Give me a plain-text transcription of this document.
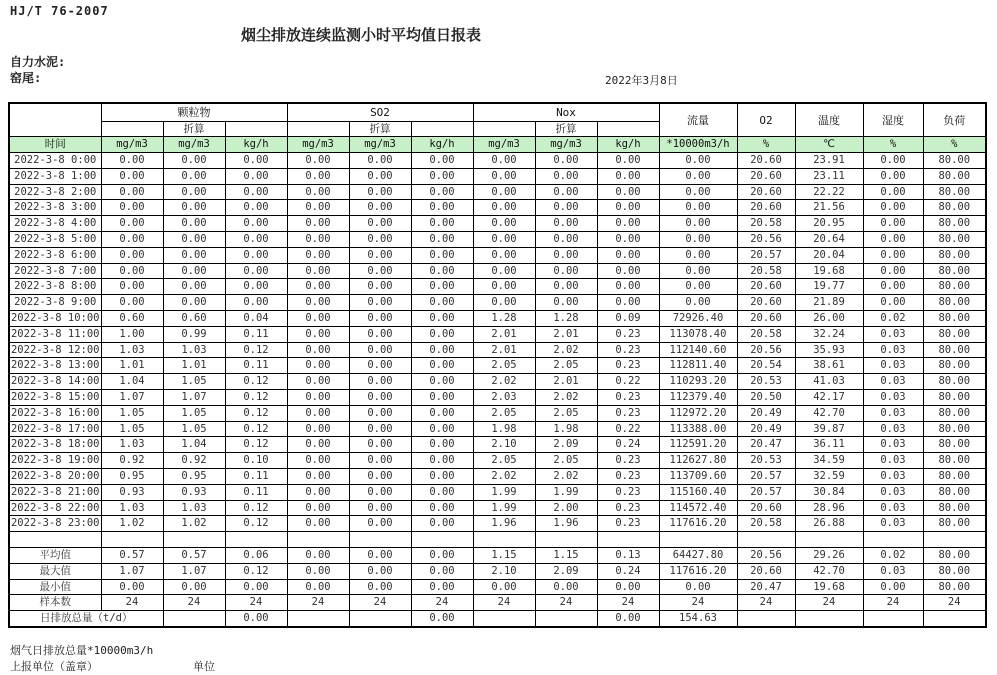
HJ/T 76-2007
烟尘排放连续监测小时平均值日报表
自力水泥:
窑尾:	2022年3月8日
	颗粒物			SO2			Nox			流量	O2	温度	湿度	负荷
		折算			折算			折算						
时间	mg/m3	mg/m3	kg/h	mg/m3	mg/m3	kg/h	mg/m3	mg/m3	kg/h	*10000m3/h	%	℃	%	%
2022-3-8 0:00	0.00	0.00	0.00	0.00	0.00	0.00	0.00	0.00	0.00	0.00	20.60	23.91	0.00	80.00
2022-3-8 1:00	0.00	0.00	0.00	0.00	0.00	0.00	0.00	0.00	0.00	0.00	20.60	23.11	0.00	80.00
2022-3-8 2:00	0.00	0.00	0.00	0.00	0.00	0.00	0.00	0.00	0.00	0.00	20.60	22.22	0.00	80.00
2022-3-8 3:00	0.00	0.00	0.00	0.00	0.00	0.00	0.00	0.00	0.00	0.00	20.60	21.56	0.00	80.00
2022-3-8 4:00	0.00	0.00	0.00	0.00	0.00	0.00	0.00	0.00	0.00	0.00	20.58	20.95	0.00	80.00
2022-3-8 5:00	0.00	0.00	0.00	0.00	0.00	0.00	0.00	0.00	0.00	0.00	20.56	20.64	0.00	80.00
2022-3-8 6:00	0.00	0.00	0.00	0.00	0.00	0.00	0.00	0.00	0.00	0.00	20.57	20.04	0.00	80.00
2022-3-8 7:00	0.00	0.00	0.00	0.00	0.00	0.00	0.00	0.00	0.00	0.00	20.58	19.68	0.00	80.00
2022-3-8 8:00	0.00	0.00	0.00	0.00	0.00	0.00	0.00	0.00	0.00	0.00	20.60	19.77	0.00	80.00
2022-3-8 9:00	0.00	0.00	0.00	0.00	0.00	0.00	0.00	0.00	0.00	0.00	20.60	21.89	0.00	80.00
2022-3-8 10:00	0.60	0.60	0.04	0.00	0.00	0.00	1.28	1.28	0.09	72926.40	20.60	26.00	0.02	80.00
2022-3-8 11:00	1.00	0.99	0.11	0.00	0.00	0.00	2.01	2.01	0.23	113078.40	20.58	32.24	0.03	80.00
2022-3-8 12:00	1.03	1.03	0.12	0.00	0.00	0.00	2.01	2.02	0.23	112140.60	20.56	35.93	0.03	80.00
2022-3-8 13:00	1.01	1.01	0.11	0.00	0.00	0.00	2.05	2.05	0.23	112811.40	20.54	38.61	0.03	80.00
2022-3-8 14:00	1.04	1.05	0.12	0.00	0.00	0.00	2.02	2.01	0.22	110293.20	20.53	41.03	0.03	80.00
2022-3-8 15:00	1.07	1.07	0.12	0.00	0.00	0.00	2.03	2.02	0.23	112379.40	20.50	42.17	0.03	80.00
2022-3-8 16:00	1.05	1.05	0.12	0.00	0.00	0.00	2.05	2.05	0.23	112972.20	20.49	42.70	0.03	80.00
2022-3-8 17:00	1.05	1.05	0.12	0.00	0.00	0.00	1.98	1.98	0.22	113388.00	20.49	39.87	0.03	80.00
2022-3-8 18:00	1.03	1.04	0.12	0.00	0.00	0.00	2.10	2.09	0.24	112591.20	20.47	36.11	0.03	80.00
2022-3-8 19:00	0.92	0.92	0.10	0.00	0.00	0.00	2.05	2.05	0.23	112627.80	20.53	34.59	0.03	80.00
2022-3-8 20:00	0.95	0.95	0.11	0.00	0.00	0.00	2.02	2.02	0.23	113709.60	20.57	32.59	0.03	80.00
2022-3-8 21:00	0.93	0.93	0.11	0.00	0.00	0.00	1.99	1.99	0.23	115160.40	20.57	30.84	0.03	80.00
2022-3-8 22:00	1.03	1.03	0.12	0.00	0.00	0.00	1.99	2.00	0.23	114572.40	20.60	28.96	0.03	80.00
2022-3-8 23:00	1.02	1.02	0.12	0.00	0.00	0.00	1.96	1.96	0.23	117616.20	20.58	26.88	0.03	80.00

平均值	0.57	0.57	0.06	0.00	0.00	0.00	1.15	1.15	0.13	64427.80	20.56	29.26	0.02	80.00
最大值	1.07	1.07	0.12	0.00	0.00	0.00	2.10	2.09	0.24	117616.20	20.60	42.70	0.03	80.00
最小值	0.00	0.00	0.00	0.00	0.00	0.00	0.00	0.00	0.00	0.00	20.47	19.68	0.00	80.00
样本数	24	24	24	24	24	24	24	24	24	24	24	24	24	24
日排放总量（t/d）			0.00			0.00			0.00	154.63				
烟气日排放总量*10000m3/h
上报单位（盖章）	单位
